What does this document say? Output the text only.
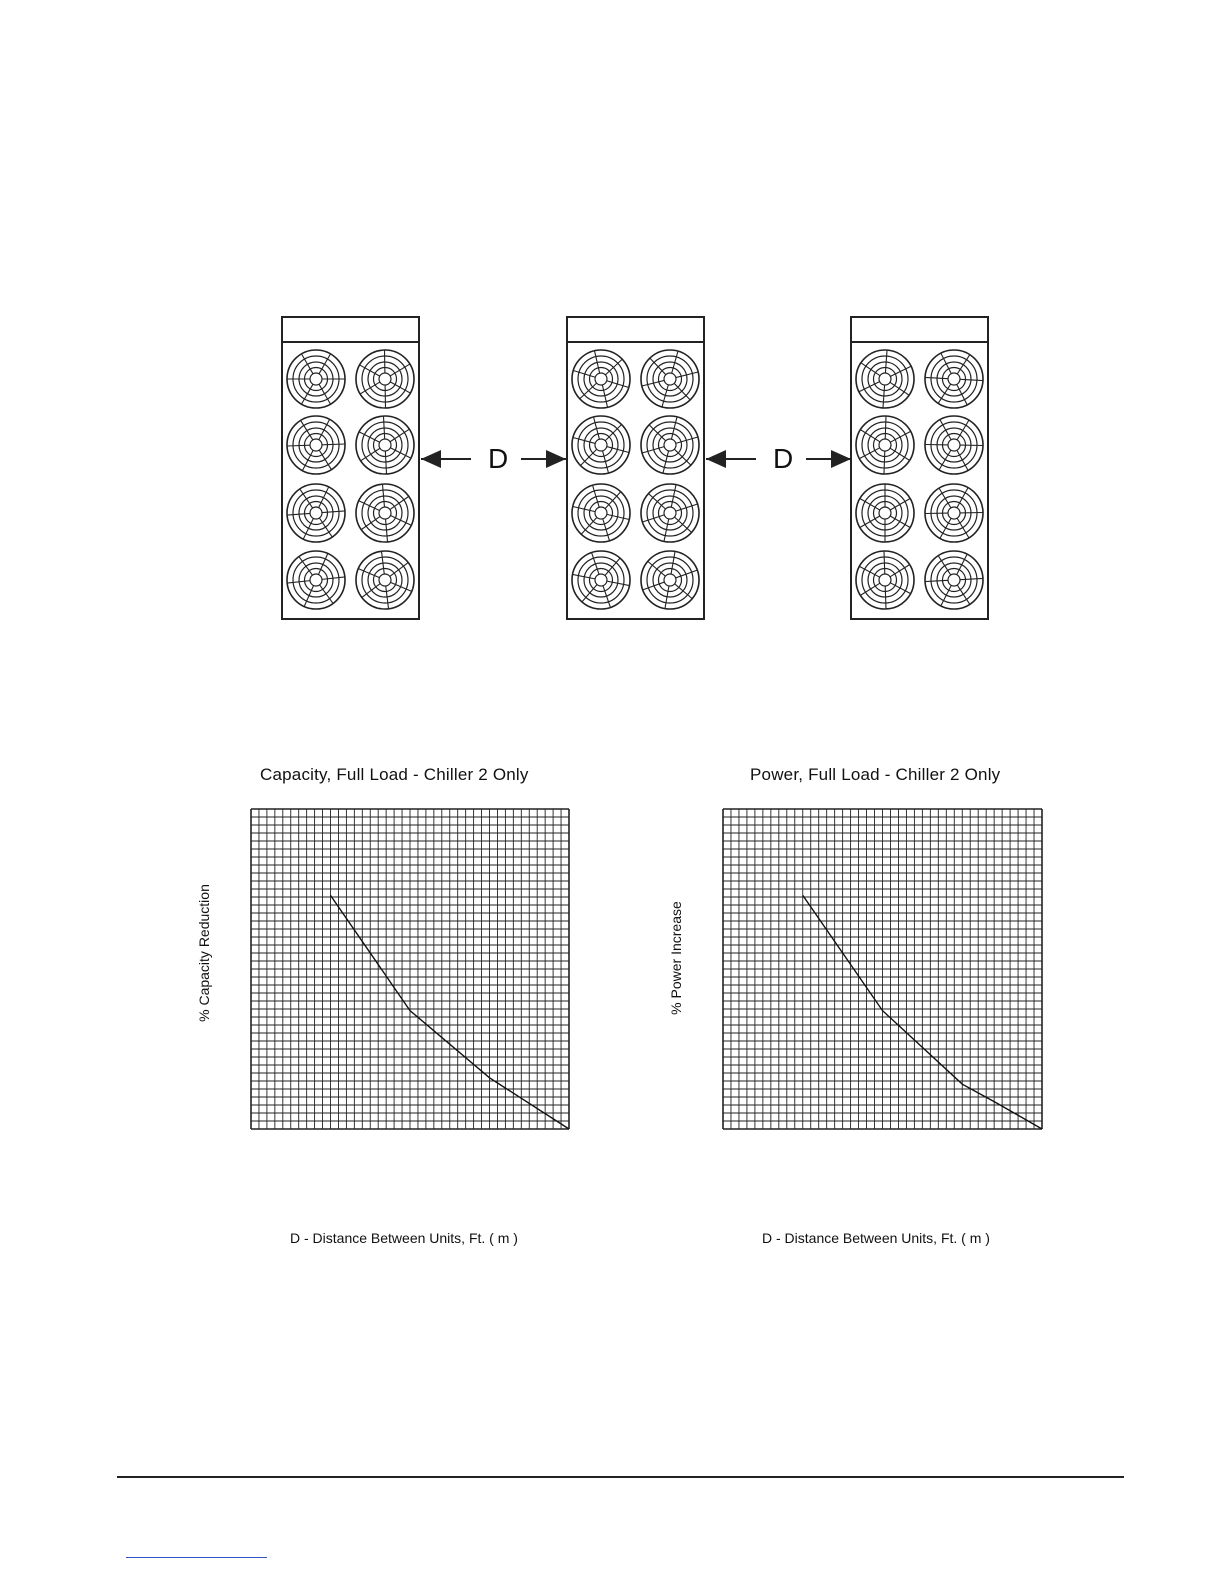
D	D
Capacity, Full Load - Chiller 2 Only
% Capacity Reduction
D - Distance Between Units, Ft. ( m )
Power, Full Load - Chiller 2 Only
% Power Increase
D - Distance Between Units, Ft. ( m )
